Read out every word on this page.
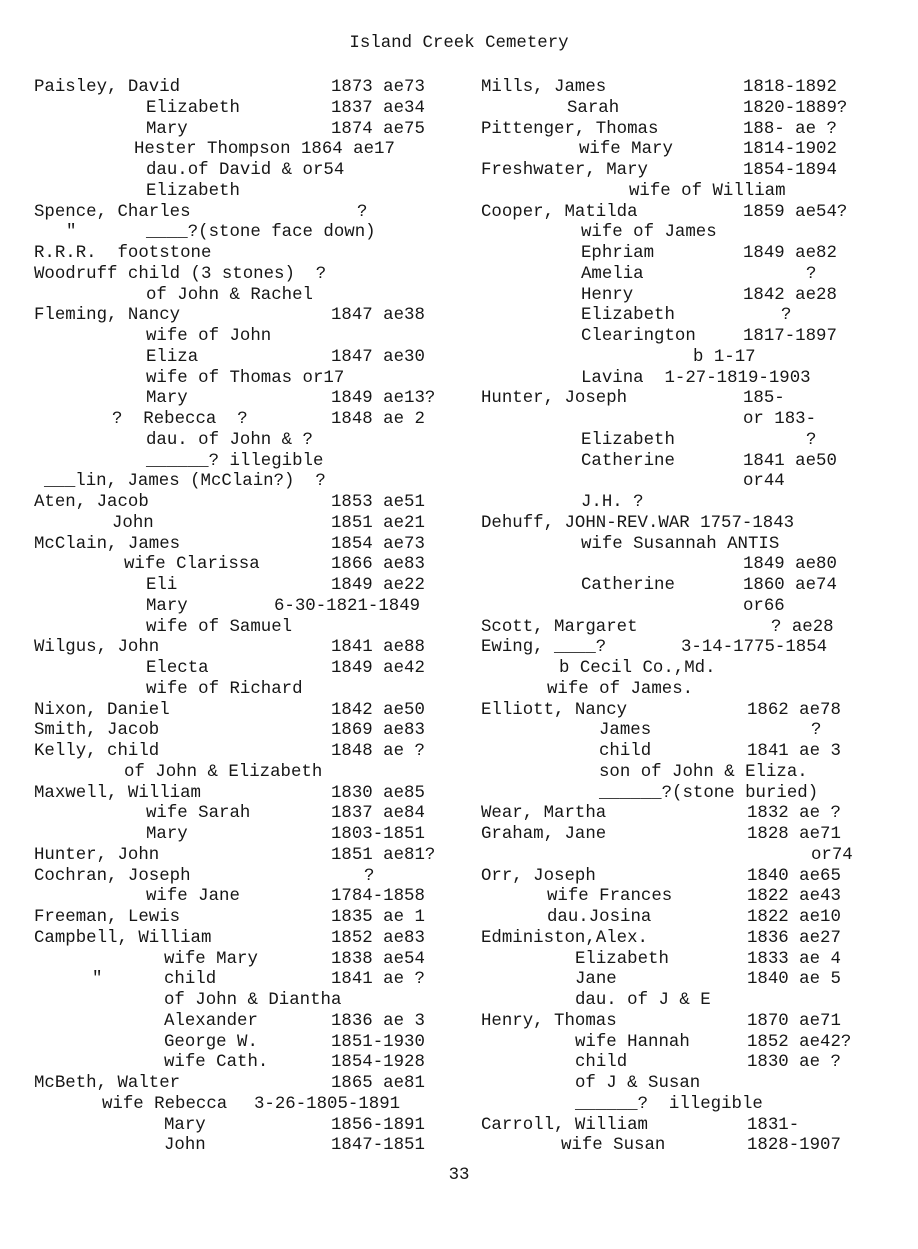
Island Creek Cemetery
Paisley, David	1873 ae73
Elizabeth	1837 ae34
Mary	1874 ae75
Hester Thompson 1864 ae17
dau.of David & or54
Elizabeth
Spence, Charles	?
"	____?(stone face down)
R.R.R.  footstone
Woodruff child (3 stones)  ?
of John & Rachel
Fleming, Nancy	1847 ae38
wife of John
Eliza	1847 ae30
wife of Thomas or17
Mary	1849 ae13?
?  Rebecca  ?	1848 ae 2
dau. of John & ?
______? illegible
___lin, James (McClain?)  ?
Aten, Jacob	1853 ae51
John	1851 ae21
McClain, James	1854 ae73
wife Clarissa	1866 ae83
Eli	1849 ae22
Mary	6-30-1821-1849
wife of Samuel
Wilgus, John	1841 ae88
Electa	1849 ae42
wife of Richard
Nixon, Daniel	1842 ae50
Smith, Jacob	1869 ae83
Kelly, child	1848 ae ?
of John & Elizabeth
Maxwell, William	1830 ae85
wife Sarah	1837 ae84
Mary	1803-1851
Hunter, John	1851 ae81?
Cochran, Joseph	?
wife Jane	1784-1858
Freeman, Lewis	1835 ae 1
Campbell, William	1852 ae83
wife Mary	1838 ae54
"	child	1841 ae ?
of John & Diantha
Alexander	1836 ae 3
George W.	1851-1930
wife Cath.	1854-1928
McBeth, Walter	1865 ae81
wife Rebecca 3-26-1805-1891
Mary	1856-1891
John	1847-1851
Mills, James	1818-1892
Sarah	1820-1889?
Pittenger, Thomas	188- ae ?
wife Mary	1814-1902
Freshwater, Mary	1854-1894
wife of William
Cooper, Matilda	1859 ae54?
wife of James
Ephriam	1849 ae82
Amelia	?
Henry	1842 ae28
Elizabeth	?
Clearington	1817-1897
b 1-17
Lavina  1-27-1819-1903
Hunter, Joseph	185-
or 183-
Elizabeth	?
Catherine	1841 ae50
or44
J.H. ?
Dehuff, JOHN-REV.WAR 1757-1843
wife Susannah ANTIS
1849 ae80
Catherine	1860 ae74
or66
Scott, Margaret	? ae28
Ewing, ____?	3-14-1775-1854
b Cecil Co.,Md.
wife of James.
Elliott, Nancy	1862 ae78
James	?
child	1841 ae 3
son of John & Eliza.
______?(stone buried)
Wear, Martha	1832 ae ?
Graham, Jane	1828 ae71
or74
Orr, Joseph	1840 ae65
wife Frances	1822 ae43
dau.Josina	1822 ae10
Edministon,Alex.	1836 ae27
Elizabeth	1833 ae 4
Jane	1840 ae 5
dau. of J & E
Henry, Thomas	1870 ae71
wife Hannah	1852 ae42?
child	1830 ae ?
of J & Susan
______?  illegible
Carroll, William	1831-
wife Susan	1828-1907
33
